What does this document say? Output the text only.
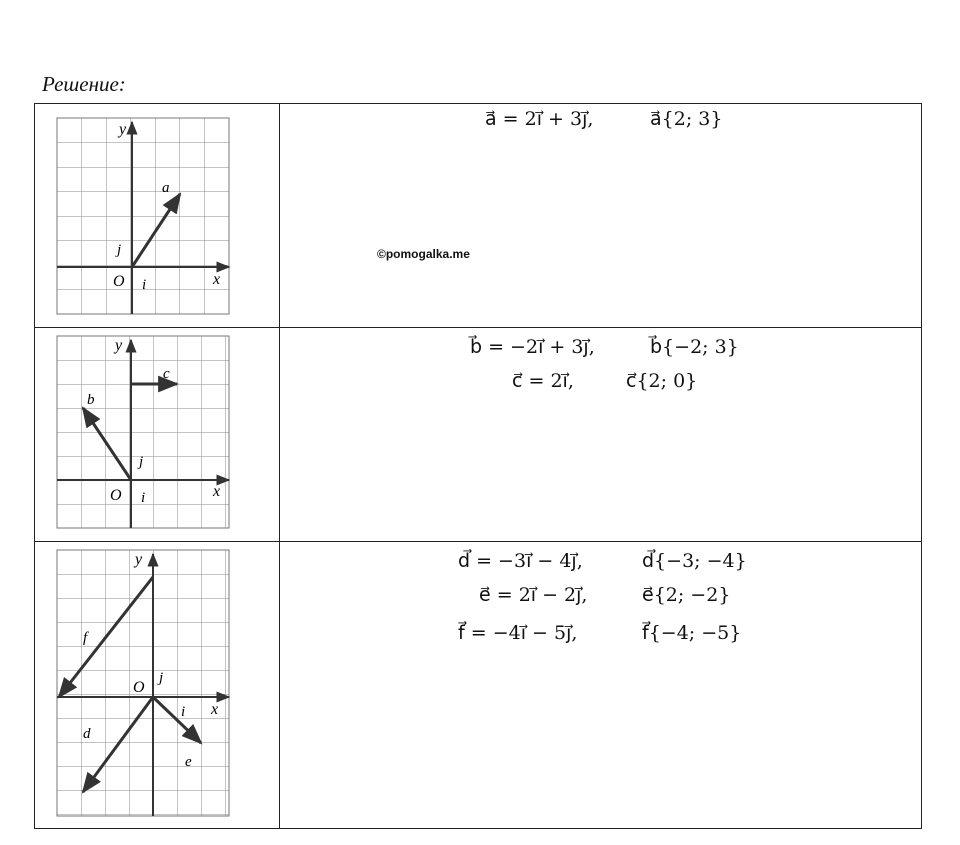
Решение:
y
x
O i
j
a
a⃗ = 2i⃗ + 3j⃗,	a⃗{2; 3}
y
x
O i
j
b
c
b⃗ = −2i⃗ + 3j⃗,	b⃗{−2; 3}
c⃗ = 2i⃗,	c⃗{2; 0}
y
x
O
i
j
d
e
f
d⃗ = −3i⃗ − 4j⃗,	d⃗{−3; −4}
e⃗ = 2i⃗ − 2j⃗,	e⃗{2; −2}
f⃗ = −4i⃗ − 5j⃗,	f⃗{−4; −5}
©pomogalka.me
